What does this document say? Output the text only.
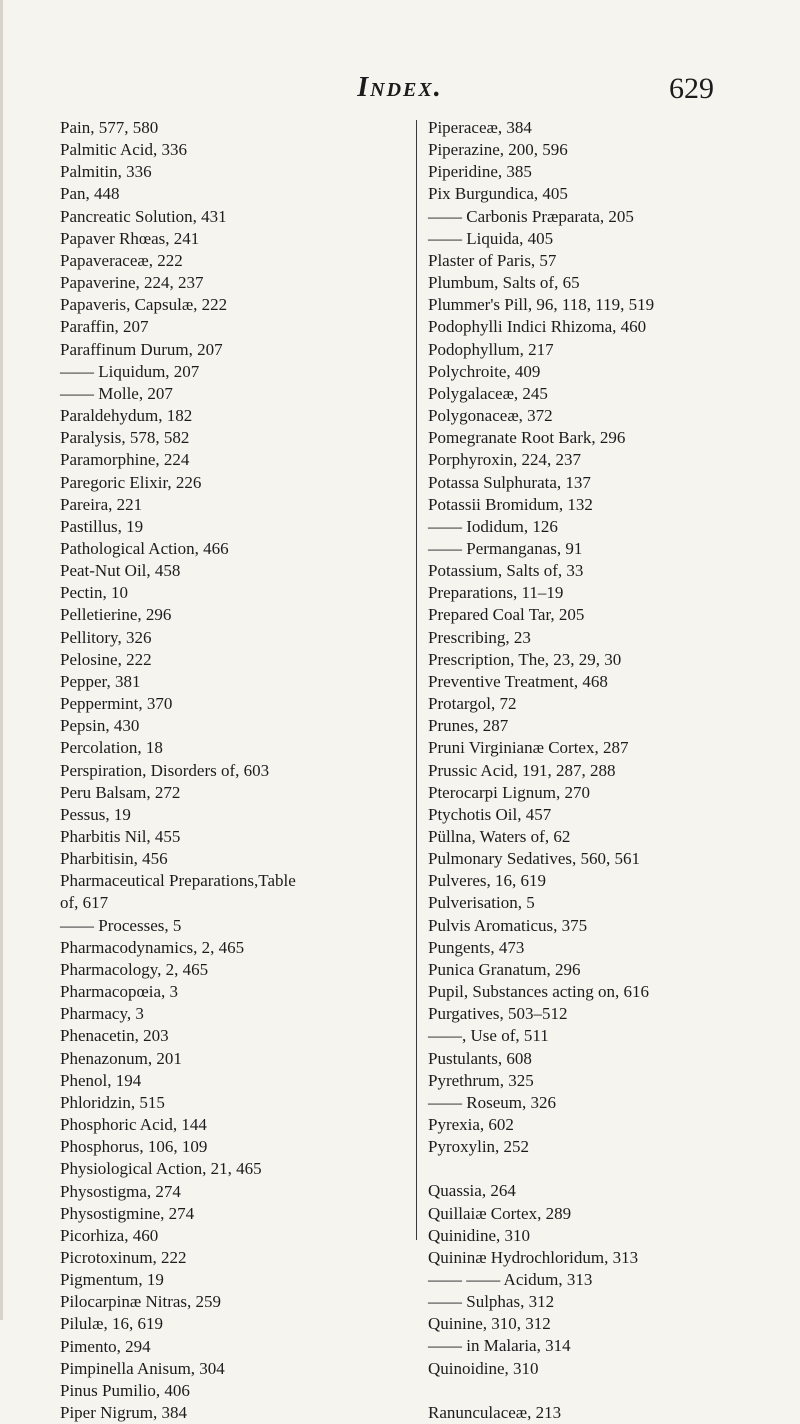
Index.	629
Pain, 577, 580
Palmitic Acid, 336
Palmitin, 336
Pan, 448
Pancreatic Solution, 431
Papaver Rhœas, 241
Papaveraceæ, 222
Papaverine, 224, 237
Papaveris, Capsulæ, 222
Paraffin, 207
Paraffinum Durum, 207
—— Liquidum, 207
—— Molle, 207
Paraldehydum, 182
Paralysis, 578, 582
Paramorphine, 224
Paregoric Elixir, 226
Pareira, 221
Pastillus, 19
Pathological Action, 466
Peat-Nut Oil, 458
Pectin, 10
Pelletierine, 296
Pellitory, 326
Pelosine, 222
Pepper, 381
Peppermint, 370
Pepsin, 430
Percolation, 18
Perspiration, Disorders of, 603
Peru Balsam, 272
Pessus, 19
Pharbitis Nil, 455
Pharbitisin, 456
Pharmaceutical Preparations,Table
of, 617
—— Processes, 5
Pharmacodynamics, 2, 465
Pharmacology, 2, 465
Pharmacopœia, 3
Pharmacy, 3
Phenacetin, 203
Phenazonum, 201
Phenol, 194
Phloridzin, 515
Phosphoric Acid, 144
Phosphorus, 106, 109
Physiological Action, 21, 465
Physostigma, 274
Physostigmine, 274
Picorhiza, 460
Picrotoxinum, 222
Pigmentum, 19
Pilocarpinæ Nitras, 259
Pilulæ, 16, 619
Pimento, 294
Pimpinella Anisum, 304
Pinus Pumilio, 406
Piper Nigrum, 384
Piperaceæ, 384
Piperazine, 200, 596
Piperidine, 385
Pix Burgundica, 405
—— Carbonis Præparata, 205
—— Liquida, 405
Plaster of Paris, 57
Plumbum, Salts of, 65
Plummer's Pill, 96, 118, 119, 519
Podophylli Indici Rhizoma, 460
Podophyllum, 217
Polychroite, 409
Polygalaceæ, 245
Polygonaceæ, 372
Pomegranate Root Bark, 296
Porphyroxin, 224, 237
Potassa Sulphurata, 137
Potassii Bromidum, 132
—— Iodidum, 126
—— Permanganas, 91
Potassium, Salts of, 33
Preparations, 11–19
Prepared Coal Tar, 205
Prescribing, 23
Prescription, The, 23, 29, 30
Preventive Treatment, 468
Protargol, 72
Prunes, 287
Pruni Virginianæ Cortex, 287
Prussic Acid, 191, 287, 288
Pterocarpi Lignum, 270
Ptychotis Oil, 457
Püllna, Waters of, 62
Pulmonary Sedatives, 560, 561
Pulveres, 16, 619
Pulverisation, 5
Pulvis Aromaticus, 375
Pungents, 473
Punica Granatum, 296
Pupil, Substances acting on, 616
Purgatives, 503–512
——, Use of, 511
Pustulants, 608
Pyrethrum, 325
—— Roseum, 326
Pyrexia, 602
Pyroxylin, 252
Quassia, 264
Quillaiæ Cortex, 289
Quinidine, 310
Quininæ Hydrochloridum, 313
—— —— Acidum, 313
—— Sulphas, 312
Quinine, 310, 312
—— in Malaria, 314
Quinoidine, 310
Ranunculaceæ, 213
